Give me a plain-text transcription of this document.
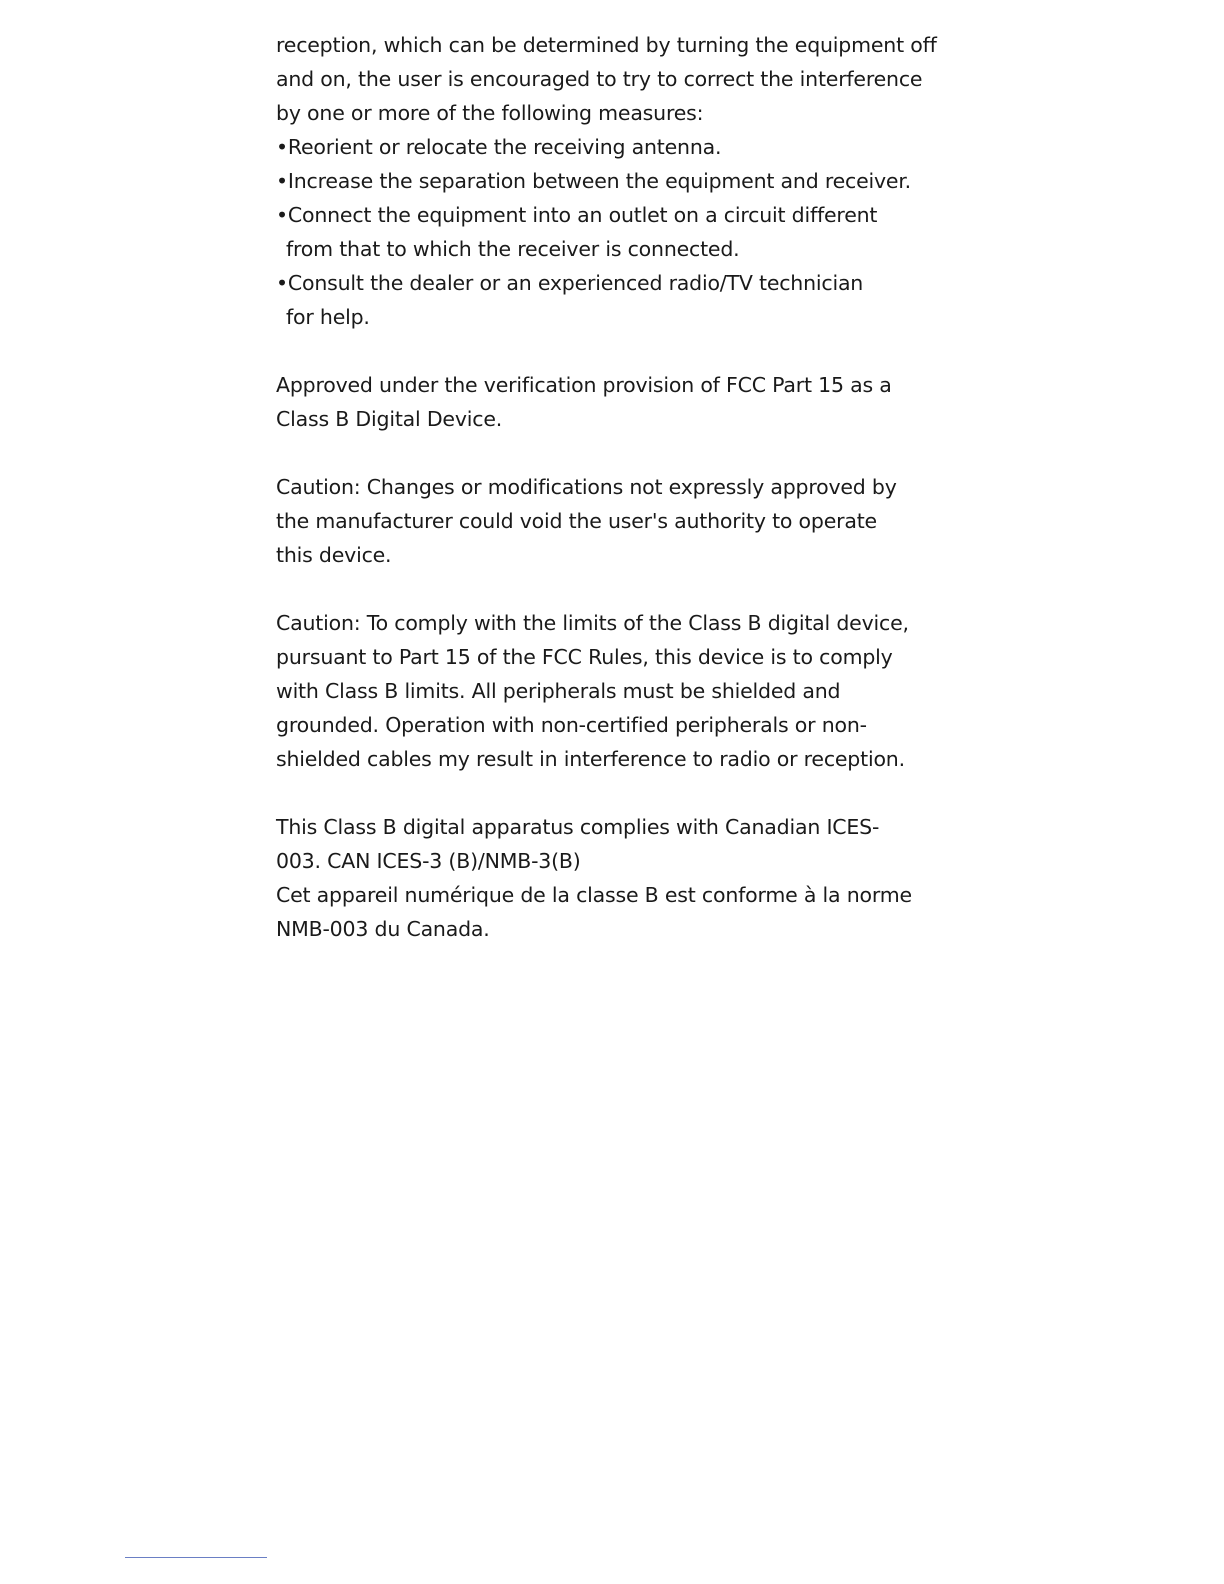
reception, which can be determined by turning the equipment off
and on, the user is encouraged to try to correct the interference
by one or more of the following measures:
•Reorient or relocate the receiving antenna.
•Increase the separation between the equipment and receiver.
•Connect the equipment into an outlet on a circuit different
from that to which the receiver is connected.
•Consult the dealer or an experienced radio/TV technician
for help.

Approved under the verification provision of FCC Part 15 as a
Class B Digital Device.

Caution: Changes or modifications not expressly approved by
the manufacturer could void the user's authority to operate
this device.

Caution: To comply with the limits of the Class B digital device,
pursuant to Part 15 of the FCC Rules, this device is to comply
with Class B limits. All peripherals must be shielded and
grounded. Operation with non-certified peripherals or non-
shielded cables my result in interference to radio or reception.

This Class B digital apparatus complies with Canadian ICES-
003. CAN ICES-3 (B)/NMB-3(B)
Cet appareil numérique de la classe B est conforme à la norme
NMB-003 du Canada.
